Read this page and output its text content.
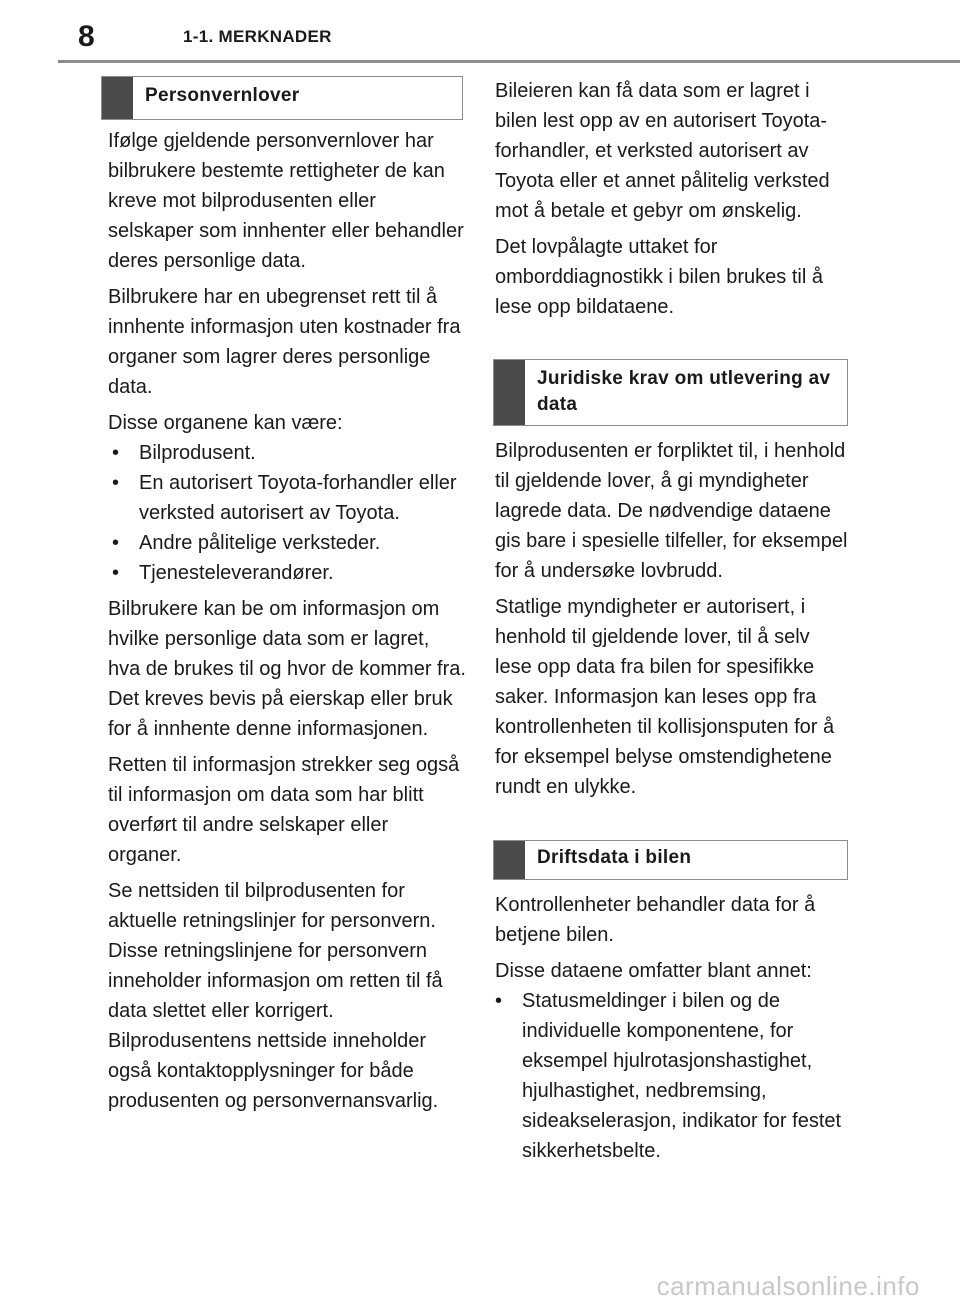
8	1-1. MERKNADER
Personvernlover

Ifølge gjeldende personvernlover har bilbrukere bestemte rettigheter de kan kreve mot bilprodusenten eller selskaper som innhenter eller behandler deres personlige data.

Bilbrukere har en ubegrenset rett til å innhente informasjon uten kostnader fra organer som lagrer deres personlige data.

Disse organene kan være:

• Bilprodusent.
• En autorisert Toyota-forhandler eller verksted autorisert av Toyota.
• Andre pålitelige verksteder.
• Tjenesteleverandører.

Bilbrukere kan be om informasjon om hvilke personlige data som er lagret, hva de brukes til og hvor de kommer fra. Det kreves bevis på eierskap eller bruk for å innhente denne informasjonen.

Retten til informasjon strekker seg også til informasjon om data som har blitt overført til andre selskaper eller organer.

Se nettsiden til bilprodusenten for aktuelle retningslinjer for personvern. Disse retningslinjene for personvern inneholder informasjon om retten til få data slettet eller korrigert. Bilprodusentens nettside inneholder også kontaktopplysninger for både produsenten og personvernansvarlig.

Bileieren kan få data som er lagret i bilen lest opp av en autorisert Toyota-forhandler, et verksted autorisert av Toyota eller et annet pålitelig verksted mot å betale et gebyr om ønskelig.

Det lovpålagte uttaket for omborddiagnostikk i bilen brukes til å lese opp bildataene.

Juridiske krav om utlevering av data

Bilprodusenten er forpliktet til, i henhold til gjeldende lover, å gi myndigheter lagrede data. De nødvendige dataene gis bare i spesielle tilfeller, for eksempel for å undersøke lovbrudd.

Statlige myndigheter er autorisert, i henhold til gjeldende lover, til å selv lese opp data fra bilen for spesifikke saker. Informasjon kan leses opp fra kontrollenheten til kollisjonsputen for å for eksempel belyse omstendighetene rundt en ulykke.

Driftsdata i bilen

Kontrollenheter behandler data for å betjene bilen.

Disse dataene omfatter blant annet:

• Statusmeldinger i bilen og de individuelle komponentene, for eksempel hjulrotasjonshastighet, hjulhastighet, nedbremsing, sideakselerasjon, indikator for festet sikkerhetsbelte.
carmanualsonline.info
